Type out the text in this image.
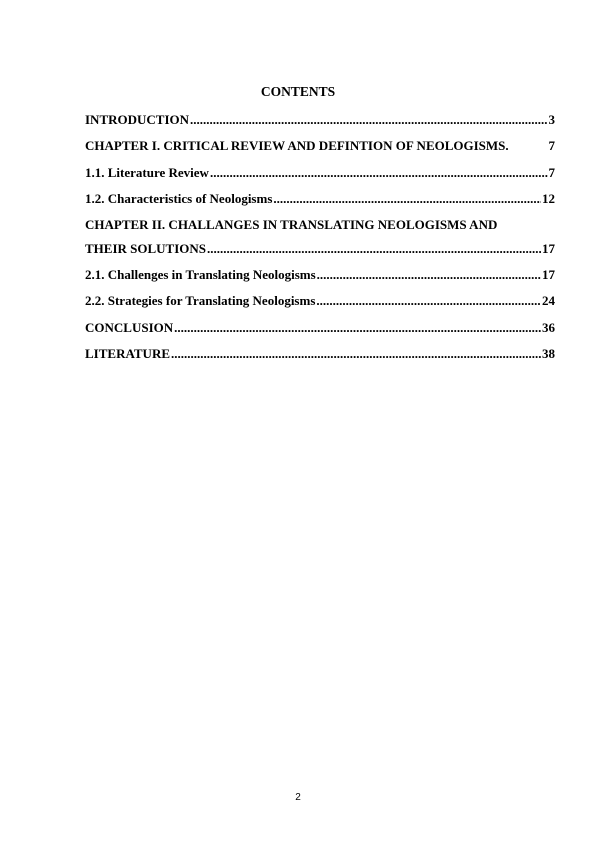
CONTENTS
INTRODUCTION .....	3
CHAPTER I. CRITICAL REVIEW AND DEFINTION OF NEOLOGISMS.	7
1.1. Literature Review .....	7
1.2. Characteristics of Neologisms .....	12
CHAPTER II. CHALLANGES IN TRANSLATING NEOLOGISMS AND
THEIR SOLUTIONS .....	17
2.1. Challenges in Translating Neologisms .....	17
2.2. Strategies for Translating Neologisms .....	24
CONCLUSION .....	36
LITERATURE .....	38
2
